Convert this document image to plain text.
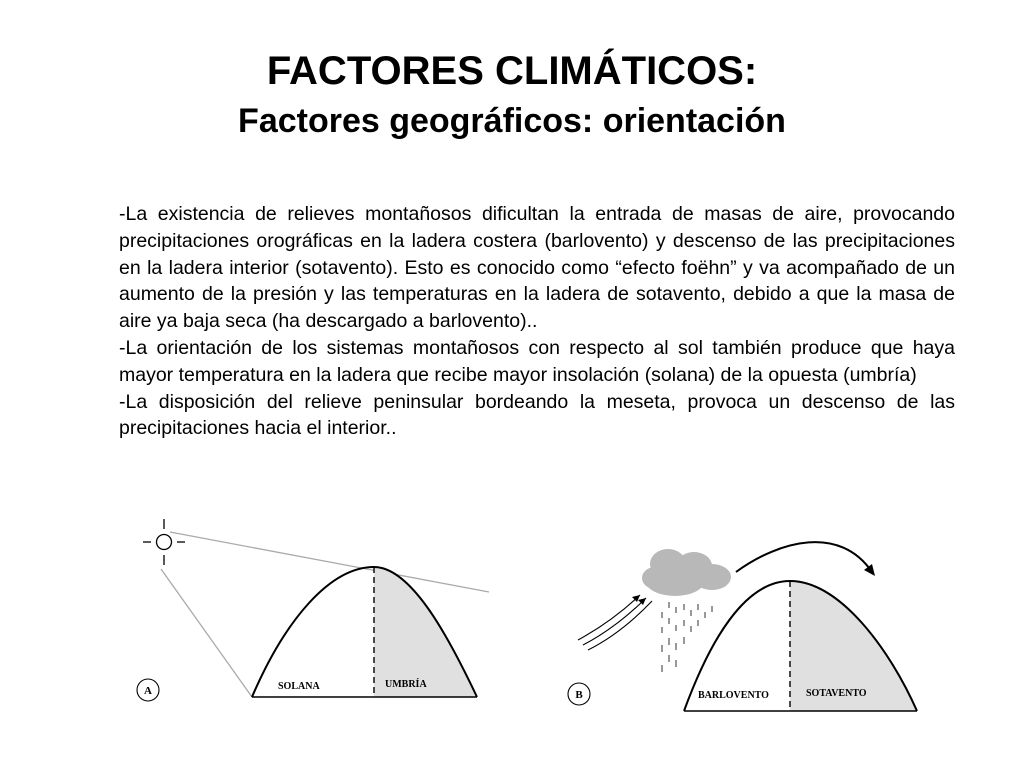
FACTORES CLIMÁTICOS:
Factores geográficos: orientación

-La existencia de relieves montañosos dificultan la entrada de masas de aire, provocando precipitaciones orográficas en la ladera costera (barlovento) y descenso de las precipitaciones en la ladera interior (sotavento). Esto es conocido como “efecto foëhn” y va acompañado de un aumento de la presión y las temperaturas en la ladera de sotavento, debido a que la masa de aire ya baja seca (ha descargado a barlovento)..

-La orientación de los sistemas montañosos con respecto al sol también produce que haya mayor temperatura en la ladera que recibe mayor insolación (solana) de la opuesta (umbría)

-La disposición del relieve peninsular bordeando la meseta, provoca un descenso de las precipitaciones hacia el interior..

SOLANA	UMBRÍA
A	BARLOVENTO	SOTAVENTO
B
